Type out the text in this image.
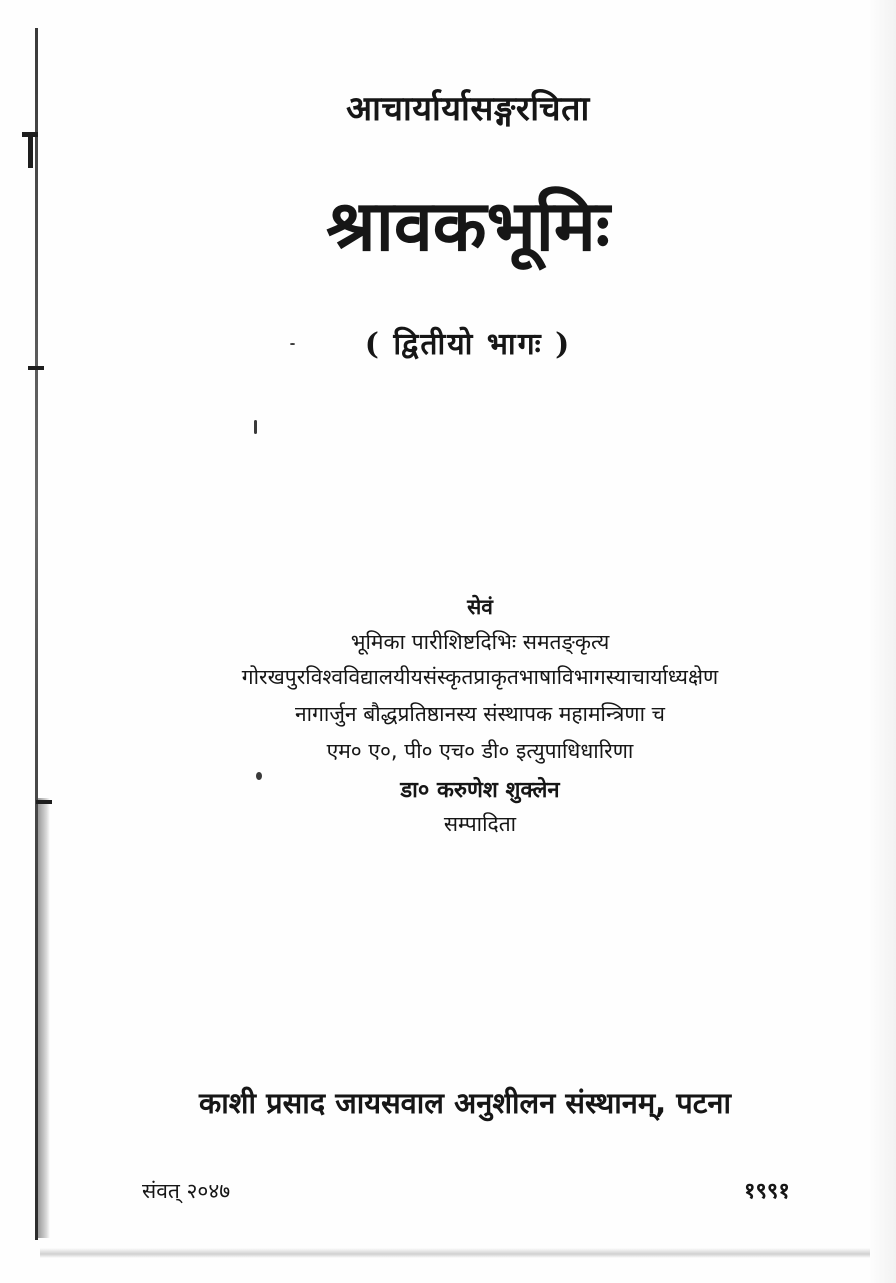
आचार्यार्यासङ्गरचिता
श्रावकभूमिः
( द्वितीयो भागः )
सेवं
भूमिका पारीशिष्टदिभिः समतङ्कृत्य
गोरखपुरविश्वविद्यालयीयसंस्कृतप्राकृतभाषाविभागस्याचार्याध्यक्षेण
नागार्जुन बौद्धप्रतिष्ठानस्य संस्थापक महामन्त्रिणा च
एम० ए०, पी० एच० डी० इत्युपाधिधारिणा
डा० करुणेश शुक्लेन
सम्पादिता
काशी प्रसाद जायसवाल अनुशीलन संस्थानम्, पटना
संवत् २०४७	१९९१
